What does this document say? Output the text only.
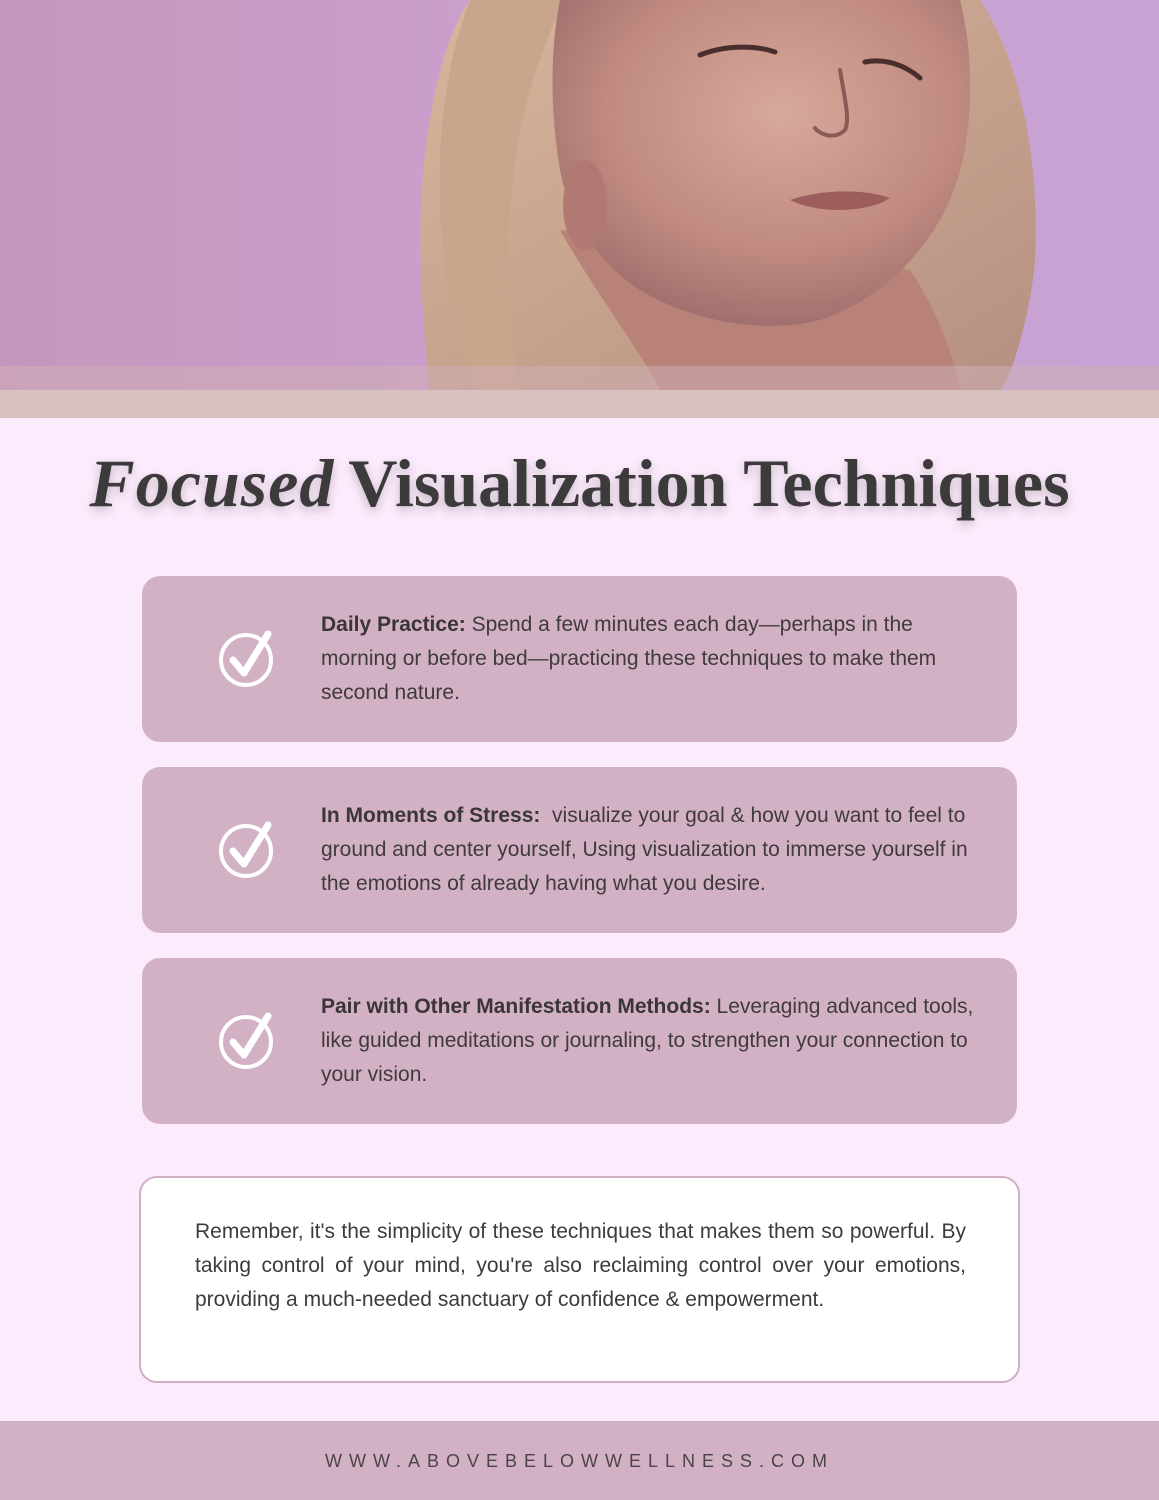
Focused Visualization Techniques
Daily Practice: Spend a few minutes each day—perhaps in the morning or before bed—practicing these techniques to make them second nature.
In Moments of Stress:  visualize your goal & how you want to feel to ground and center yourself, Using visualization to immerse yourself in the emotions of already having what you desire.
Pair with Other Manifestation Methods: Leveraging advanced tools, like guided meditations or journaling, to strengthen your connection to your vision.

Remember, it's the simplicity of these techniques that makes them so powerful. By taking control of your mind, you're also reclaiming control over your emotions, providing a much-needed sanctuary of confidence & empowerment.

WWW.ABOVEBELOWWELLNESS.COM
